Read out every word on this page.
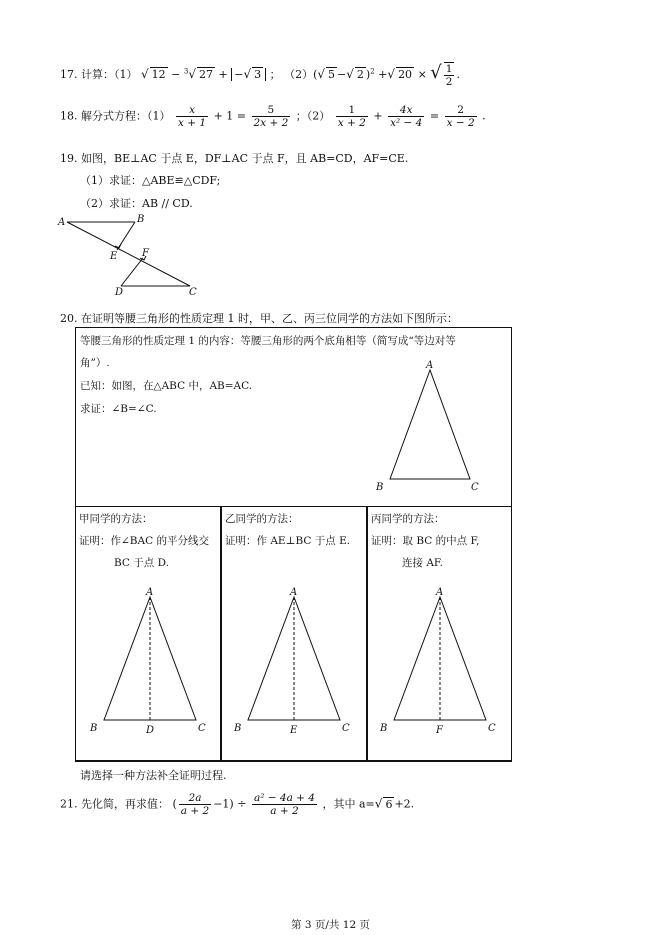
17. 计算：（1） √ 12 − $^3$√ 27 + −√ 3 ； （2）(√ 5 −√ 2 )$^2$ +√ 20 × √ $\frac{1}{2}$ .
18. 解分式方程：$(1) \frac{x}{x + 1} + 1 = \frac{5}{2x + 2}$ ；$(2) \frac{1}{x + 2} + \frac{4x}{\text{x² − 4}} = \frac{2}{x - 2}$ .
19. 如图，BE⊥AC 于点 E，DF⊥AC 于点 F，且 AB=CD，AF=CE.
（1）求证：△ABE≌△CDF;
（2）求证：AB // CD.
A	B
E F
D	C
20. 在证明等腰三角形的性质定理 1 时，甲、乙、丙三位同学的方法如下图所示：
等腰三角形的性质定理 1 的内容：等腰三角形的两个底角相等（简写成“等边对等
角”）.
已知：如图，在△ABC 中，AB=AC.
求证：∠B=∠C.
A
B	C
甲同学的方法：
证明：作∠BAC 的平分线交
BC 于点 D.
A
B	D	C
乙同学的方法：
证明：作 AE⊥BC 于点 E.
A
B	E	C
丙同学的方法：
证明：取 BC 的中点 F,
连接 AF.
A
B	F	C
请选择一种方法补全证明过程.
21. 先化简，再求值： ( $\frac{2a}{a + 2} -1) \div \frac{\text{a² − 4a + 4}}{a + 2}$ ，其中 a=√ 6 +2.
第 3 页/共 12 页
